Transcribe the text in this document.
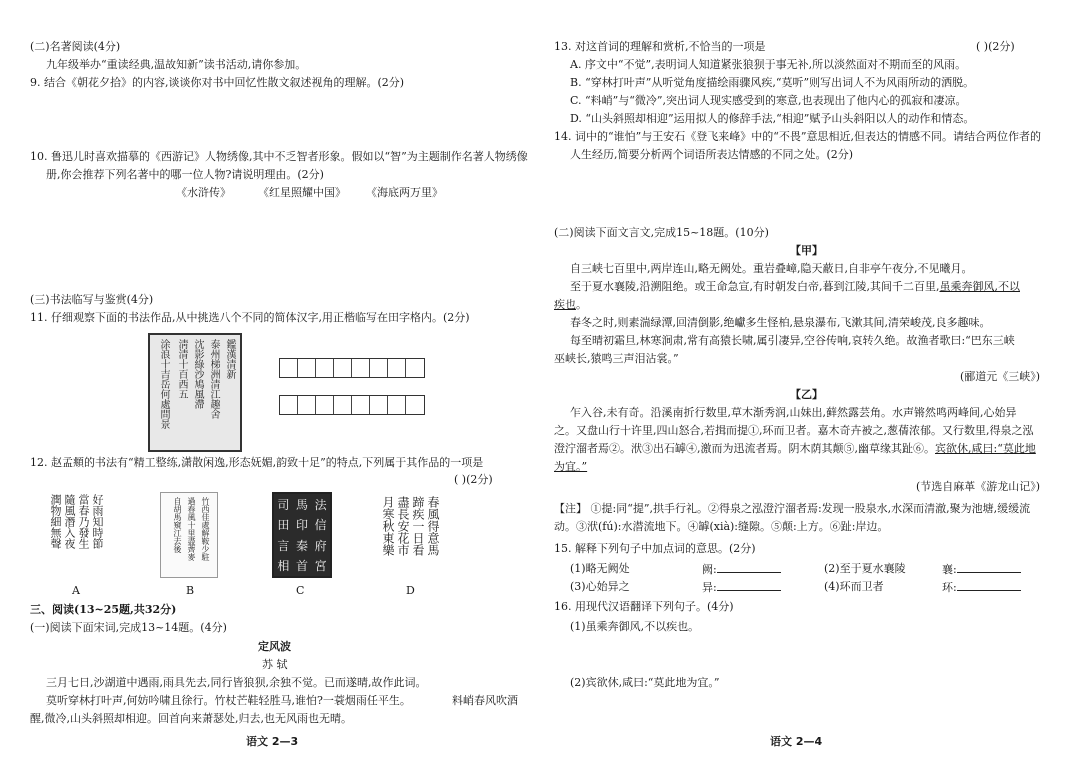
(二)名著阅读(4分)
九年级举办“重读经典,温故知新”读书活动,请你参加。
9. 结合《朝花夕拾》的内容,谈谈你对书中回忆性散文叙述视角的理解。(2分)
10. 鲁迅儿时喜欢描摹的《西游记》人物绣像,其中不乏智者形象。假如以“智”为主题制作名著人物绣像
册,你会推荐下列名著中的哪一位人物?请说明理由。(2分)
《水浒传》 《红星照耀中国》 《海底两万里》
(三)书法临写与鉴赏(4分)
11. 仔细观察下面的书法作品,从中挑选八个不同的简体汉字,用正楷临写在田字格内。(2分)
鑑漢清新
泰州梯洲清江趣舍
沈影綠沙鳩風滯
淸清十百西五
涂浪十吉岳何處問景
12. 赵孟頫的书法有“精工整练,潇散闲逸,形态妩媚,韵致十足”的特点,下列属于其作品的一项是
( )(2分)
好雨知時節
當春乃發生
隨風潛入夜
潤物細無聲	竹西佳處解鞍少駐
過春風十里盡薺麥
自胡馬窺江去後	司 馬 法
田 印 信
言 秦 府
相 首 宮
春風得意馬
蹄疾一日看
盡長安花市
月寒秋東樂
A	B	C	D
三、阅读(13~25题,共32分)
(一)阅读下面宋词,完成13~14题。(4分)
定风波
苏 轼
三月七日,沙湖道中遇雨,雨具先去,同行皆狼狈,余独不觉。已而遂晴,故作此词。
莫听穿林打叶声,何妨吟啸且徐行。竹杖芒鞋轻胜马,谁怕?一蓑烟雨任平生。	料峭春风吹酒
醒,微冷,山头斜照却相迎。回首向来萧瑟处,归去,也无风雨也无晴。
语文 2—3
13. 对这首词的理解和赏析,不恰当的一项是	( )(2分)
A. 序文中“不觉”,表明词人知道紧张狼狈于事无补,所以淡然面对不期而至的风雨。
B. “穿林打叶声”从听觉角度描绘雨骤风疾,“莫听”则写出词人不为风雨所动的洒脱。
C. “料峭”与“微冷”,突出词人现实感受到的寒意,也表现出了他内心的孤寂和凄凉。
D. “山头斜照却相迎”运用拟人的修辞手法,“相迎”赋予山头斜阳以人的动作和情态。
14. 词中的“谁怕”与王安石《登飞来峰》中的“不畏”意思相近,但表达的情感不同。请结合两位作者的
人生经历,简要分析两个词语所表达情感的不同之处。(2分)
(二)阅读下面文言文,完成15~18题。(10分)
【甲】
自三峡七百里中,两岸连山,略无阙处。重岩叠嶂,隐天蔽日,自非亭午夜分,不见曦月。
至于夏水襄陵,沿溯阻绝。或王命急宣,有时朝发白帝,暮到江陵,其间千二百里,虽乘奔御风,不以
疾也。
春冬之时,则素湍绿潭,回清倒影,绝巘多生怪柏,悬泉瀑布,飞漱其间,清荣峻茂,良多趣味。
每至晴初霜旦,林寒涧肃,常有高猿长啸,属引凄异,空谷传响,哀转久绝。故渔者歌曰:“巴东三峡
巫峡长,猿鸣三声泪沾裳。”
(郦道元《三峡》)
【乙】
乍入谷,未有奇。沿溪南折行数里,草木渐秀润,山妹出,藓然露芸角。水声锵然鸣两峰间,心始异
之。又盘山行十许里,四山怒合,若揖而提①,环而卫者。嘉木奇卉被之,葱蒨浓郁。又行数里,得泉之泓
澄泞溜者焉②。洑③出石罅④,激而为迅流者焉。阴木荫其颠⑤,幽草缘其趾⑥。宾欲休,咸曰:“莫此地
为宜。”
(节选自麻革《游龙山记》)
【注】 ①提:同“提”,拱手行礼。②得泉之泓澄泞溜者焉:发现一股泉水,水深而清澈,聚为池塘,缓缓流
动。③洑(fú):水潜流地下。④罅(xià):缝隙。⑤颠:上方。⑥趾:岸边。
15. 解释下列句子中加点词的意思。(2分)
(1)略无阙处	阙:	(2)至于夏水襄陵	襄:
(3)心始异之	异:	(4)环而卫者	环:
16. 用现代汉语翻译下列句子。(4分)
(1)虽乘奔御风,不以疾也。
(2)宾欲休,咸曰:“莫此地为宜。”
语文 2—4
